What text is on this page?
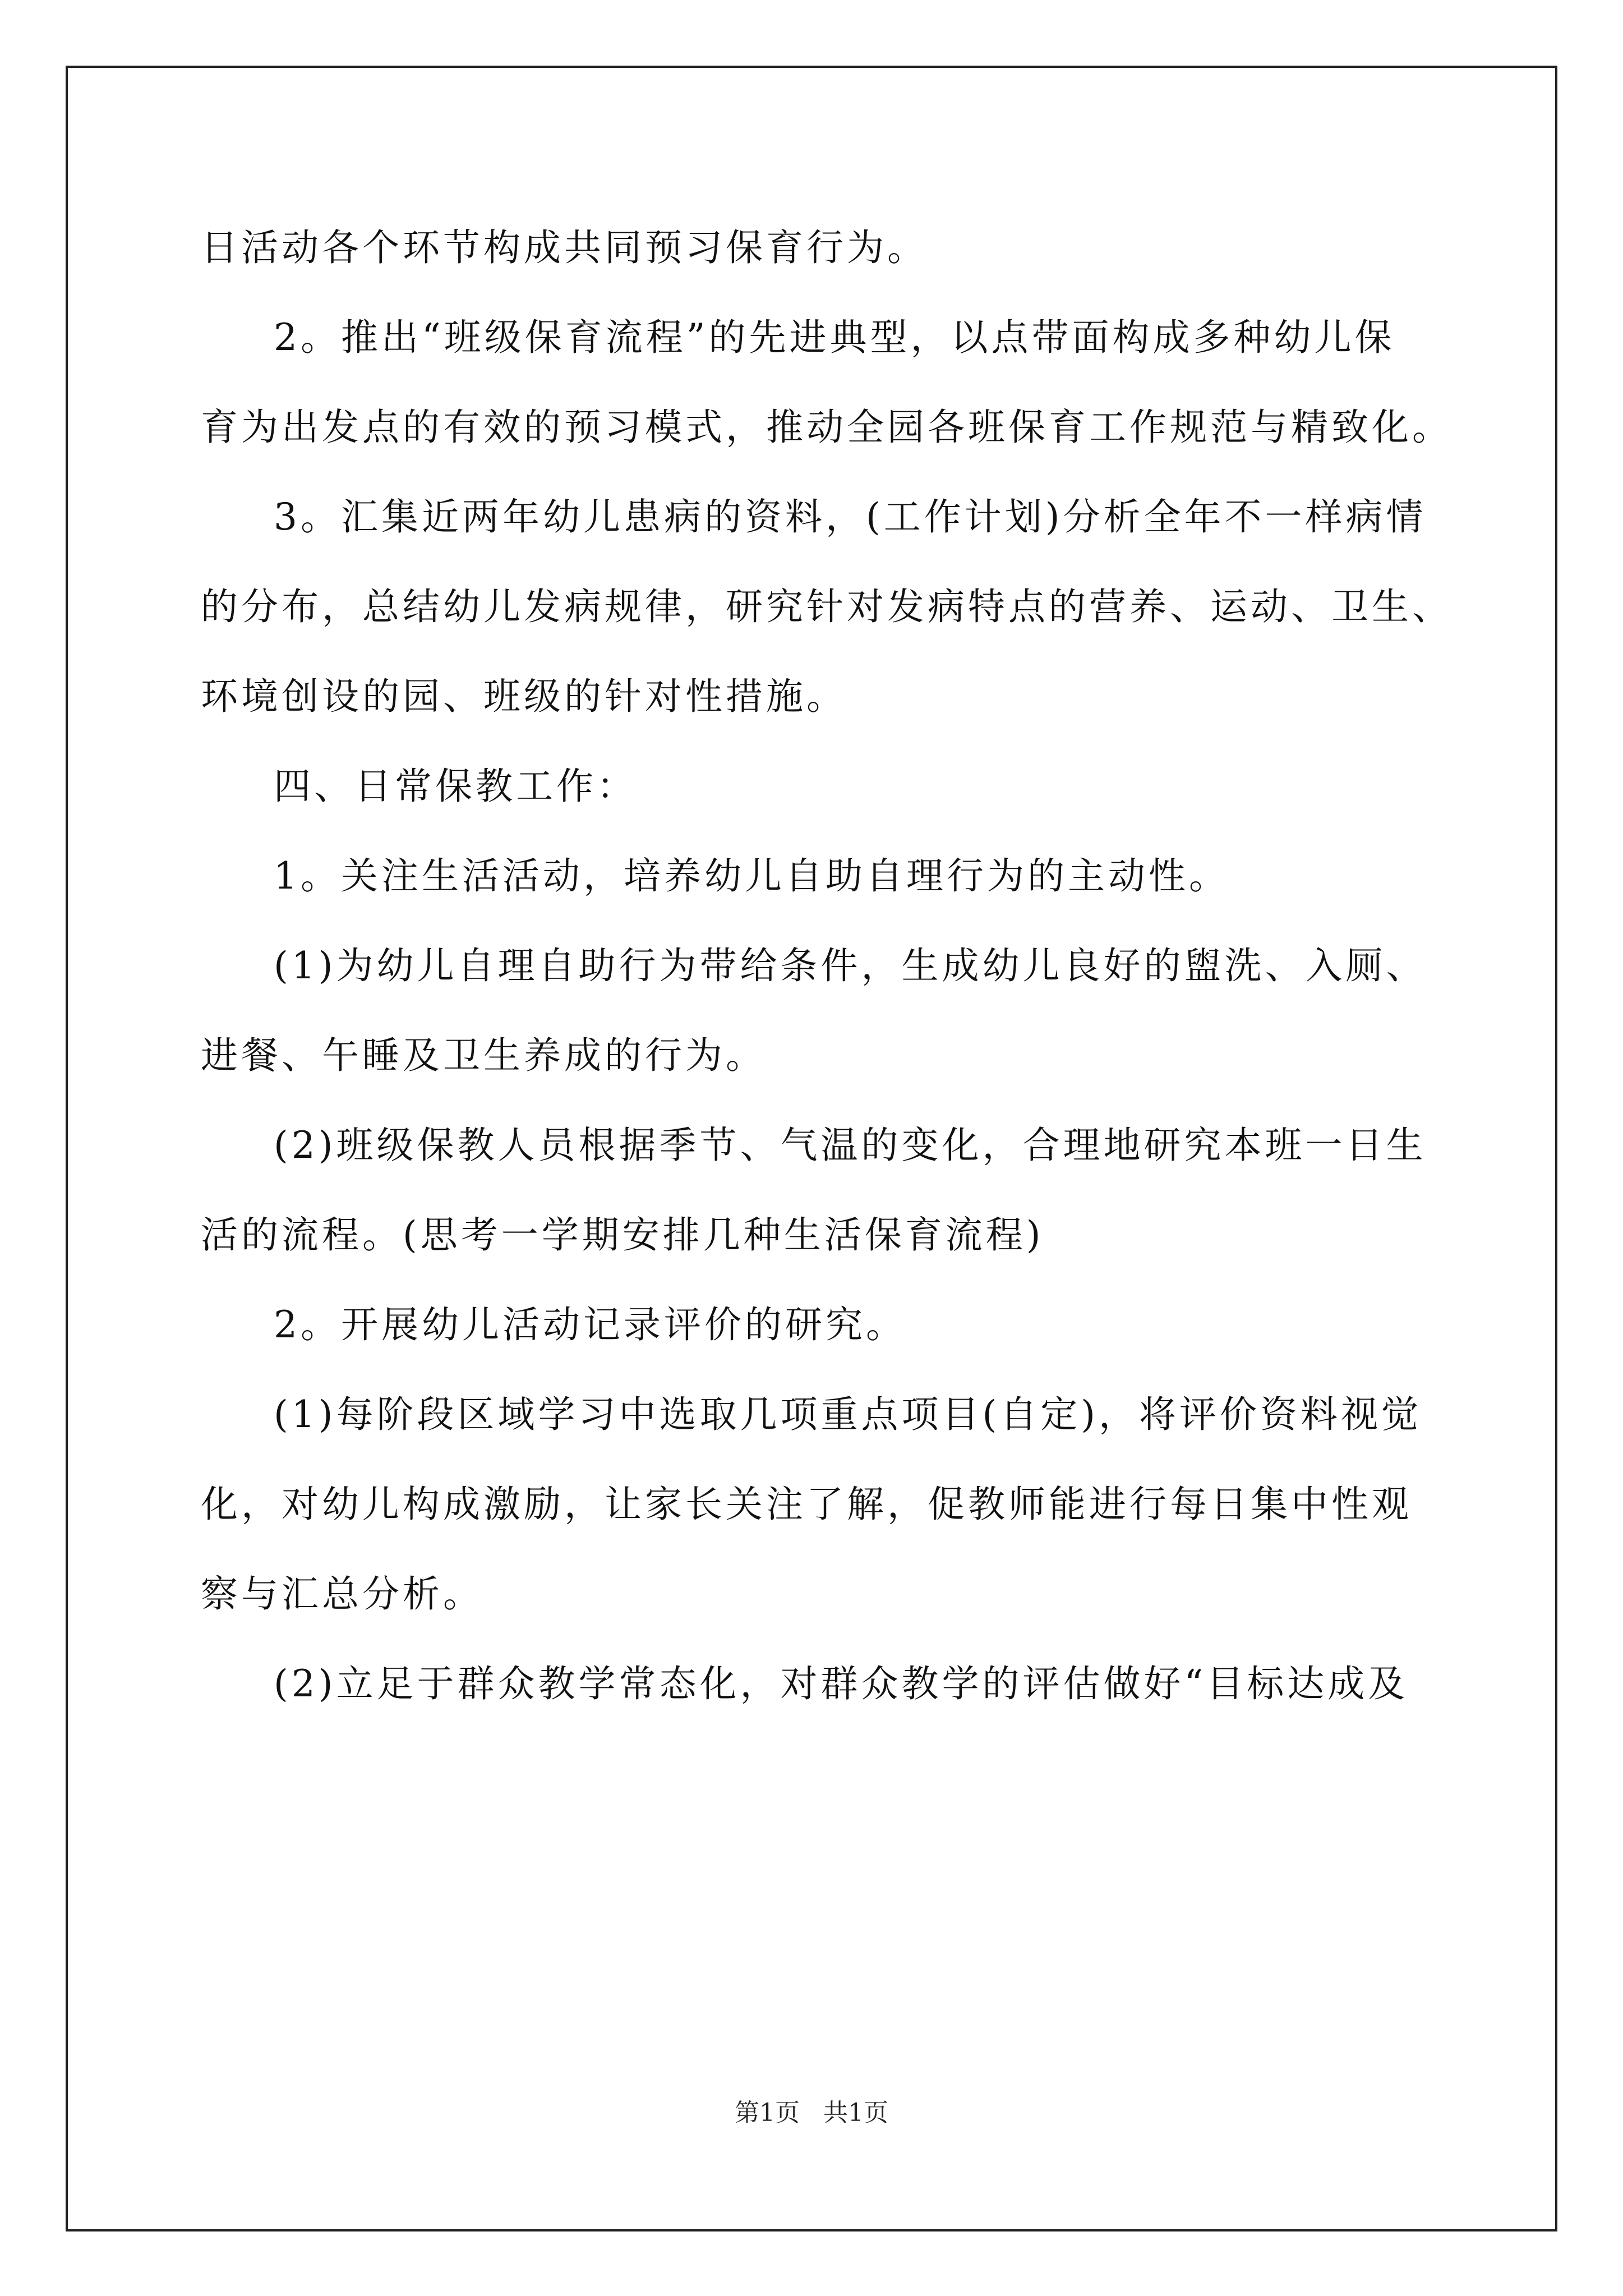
日活动各个环节构成共同预习保育行为。
2。推出“班级保育流程”的先进典型，以点带面构成多种幼儿保
育为出发点的有效的预习模式，推动全园各班保育工作规范与精致化。
3。汇集近两年幼儿患病的资料，(工作计划)分析全年不一样病情
的分布，总结幼儿发病规律，研究针对发病特点的营养、运动、卫生、
环境创设的园、班级的针对性措施。
四、日常保教工作：
1。关注生活活动，培养幼儿自助自理行为的主动性。
(1)为幼儿自理自助行为带给条件，生成幼儿良好的盥洗、入厕、
进餐、午睡及卫生养成的行为。
(2)班级保教人员根据季节、气温的变化，合理地研究本班一日生
活的流程。(思考一学期安排几种生活保育流程)
2。开展幼儿活动记录评价的研究。
(1)每阶段区域学习中选取几项重点项目(自定)，将评价资料视觉
化，对幼儿构成激励，让家长关注了解，促教师能进行每日集中性观
察与汇总分析。
(2)立足于群众教学常态化，对群众教学的评估做好“目标达成及
第1页   共1页
